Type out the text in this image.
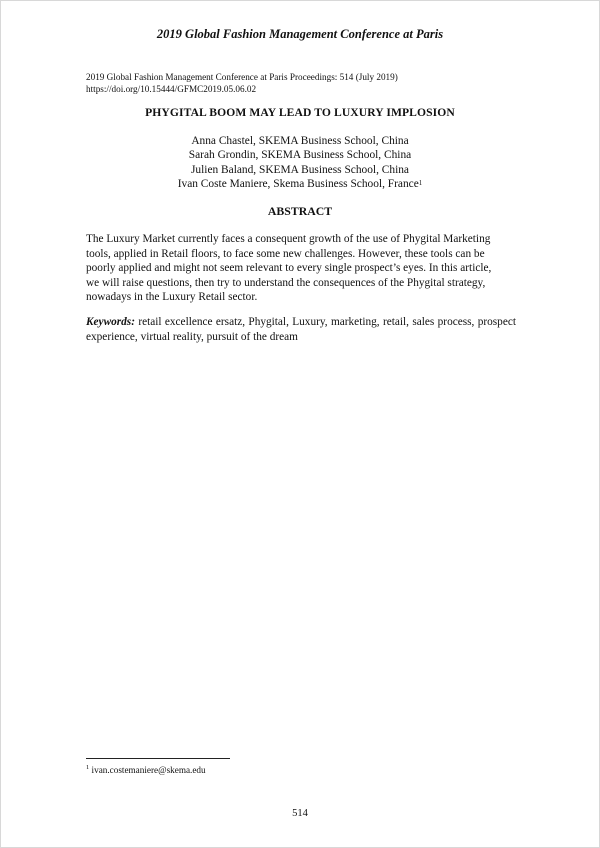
2019 Global Fashion Management Conference at Paris
2019 Global Fashion Management Conference at Paris Proceedings: 514 (July 2019)
https://doi.org/10.15444/GFMC2019.05.06.02
PHYGITAL BOOM MAY LEAD TO LUXURY IMPLOSION
Anna Chastel, SKEMA Business School, China
Sarah Grondin, SKEMA Business School, China
Julien Baland, SKEMA Business School, China
Ivan Coste Maniere, Skema Business School, France$^1$
ABSTRACT
The Luxury Market currently faces a consequent growth of the use of Phygital Marketing
tools, applied in Retail floors, to face some new challenges. However, these tools can be
poorly applied and might not seem relevant to every single prospect’s eyes. In this article,
we will raise questions, then try to understand the consequences of the Phygital strategy,
nowadays in the Luxury Retail sector.

Keywords: retail excellence ersatz, Phygital, Luxury, marketing, retail, sales process, prospect experience, virtual reality, pursuit of the dream

$^1$ ivan.costemaniere@skema.edu
514
